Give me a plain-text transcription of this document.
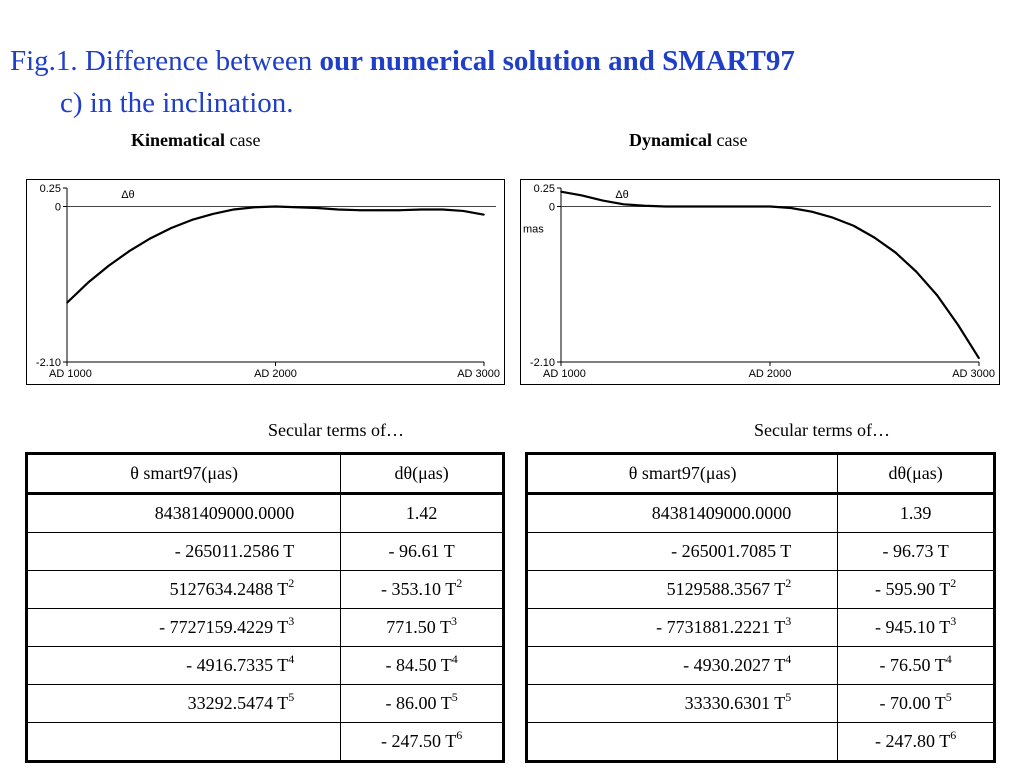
Fig.1. Difference between our numerical solution and SMART97
c) in the inclination.
Kinematical case	Dynamical case
0.25
0
-2.10
AD 1000	AD 2000	AD 3000
Δθ	0.25
0
-2.10
AD 1000	AD 2000	AD 3000
Δθ
mas
Secular terms of…	Secular terms of…
θ smart97(μas)	dθ(μas)
84381409000.0000	1.42
- 265011.2586 T	- 96.61 T
5127634.2488 $T^2$	- 353.10 $T^2$
- 7727159.4229 $T^3$	771.50 $T^3$
- 4916.7335 $T^4$	- 84.50 $T^4$
33292.5474 $T^5$	- 86.00 $T^5$
	- 247.50 $T^6$
θ smart97(μas)	dθ(μas)
84381409000.0000	1.39
- 265001.7085 T	- 96.73 T
5129588.3567 $T^2$	- 595.90 $T^2$
- 7731881.2221 $T^3$	- 945.10 $T^3$
- 4930.2027 $T^4$	- 76.50 $T^4$
33330.6301 $T^5$	- 70.00 $T^5$
	- 247.80 $T^6$
